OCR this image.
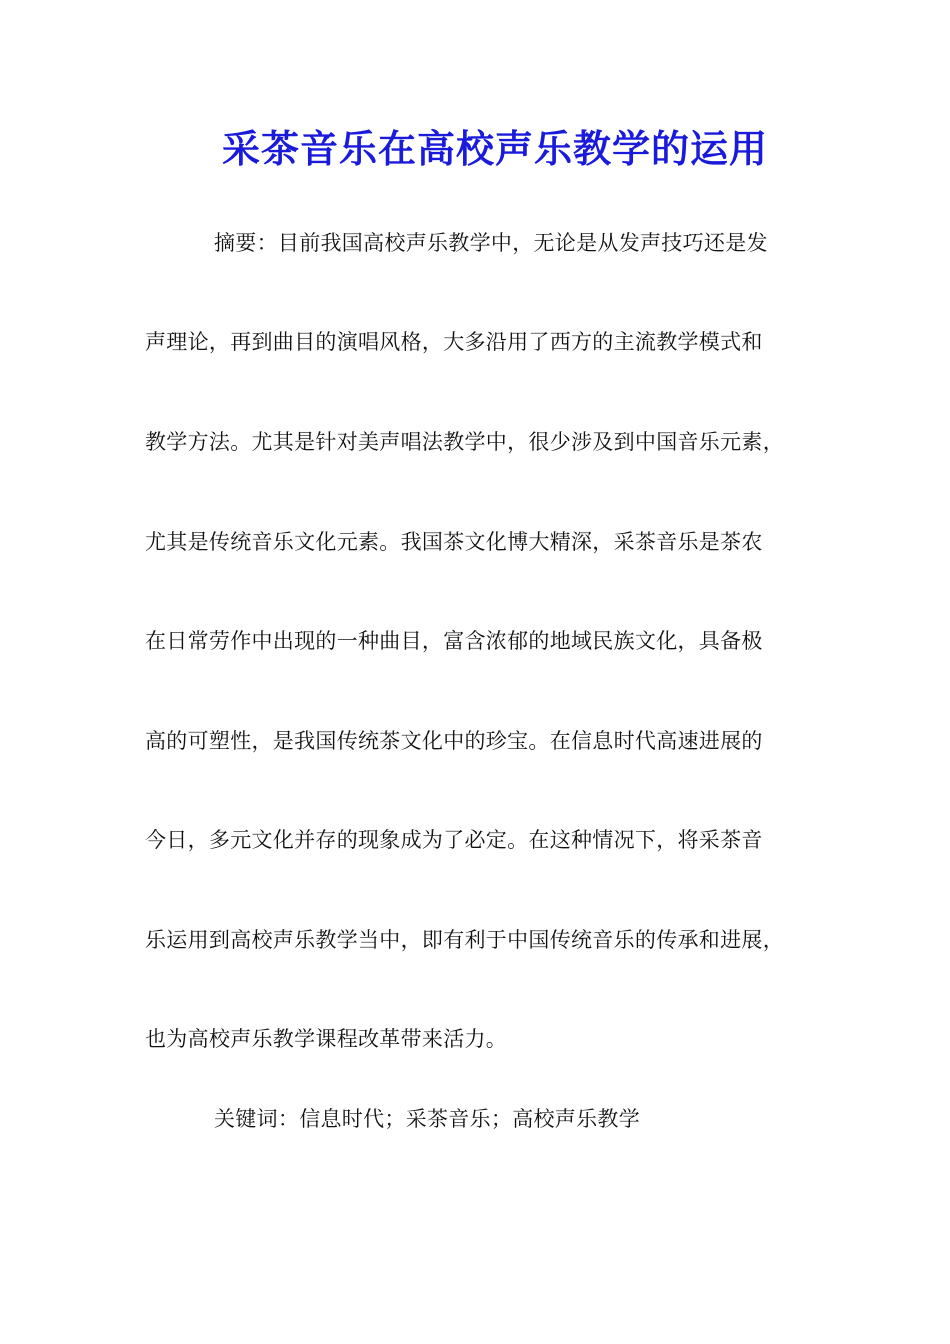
采茶音乐在高校声乐教学的运用
摘要：目前我国高校声乐教学中，无论是从发声技巧还是发
声理论，再到曲目的演唱风格，大多沿用了西方的主流教学模式和
教学方法。尤其是针对美声唱法教学中，很少涉及到中国音乐元素，
尤其是传统音乐文化元素。我国茶文化博大精深，采茶音乐是茶农
在日常劳作中出现的一种曲目，富含浓郁的地域民族文化，具备极
高的可塑性，是我国传统茶文化中的珍宝。在信息时代高速进展的
今日，多元文化并存的现象成为了必定。在这种情况下，将采茶音
乐运用到高校声乐教学当中，即有利于中国传统音乐的传承和进展，
也为高校声乐教学课程改革带来活力。
关键词：信息时代；采茶音乐；高校声乐教学
